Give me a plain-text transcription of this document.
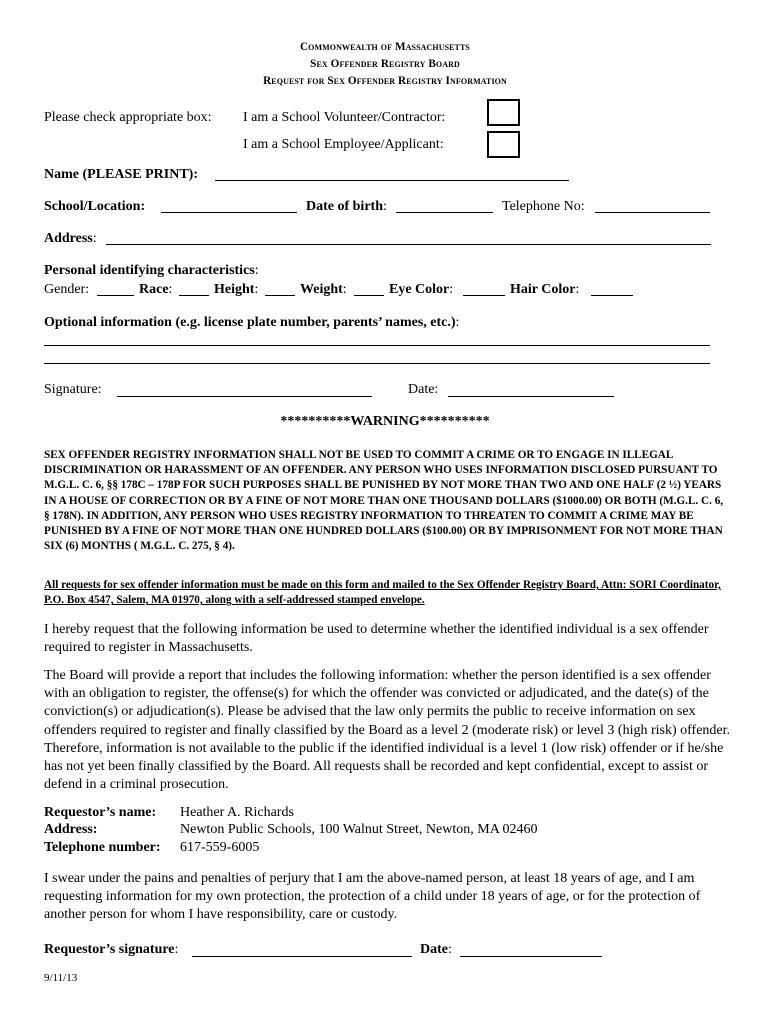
Commonwealth of Massachusetts
Sex Offender Registry Board
Request for Sex Offender Registry Information
Please check appropriate box: I am a School Volunteer/Contractor:
I am a School Employee/Applicant:
Name (PLEASE PRINT):
School/Location:	Date of birth:	Telephone No:
Address:
Personal identifying characteristics:
Gender:	Race:	Height:	Weight:	Eye Color:	Hair Color:
Optional information (e.g. license plate number, parents’ names, etc.):
Signature:	Date:
**********WARNING**********
SEX OFFENDER REGISTRY INFORMATION SHALL NOT BE USED TO COMMIT A CRIME OR TO ENGAGE IN ILLEGAL DISCRIMINATION OR HARASSMENT OF AN OFFENDER. ANY PERSON WHO USES INFORMATION DISCLOSED PURSUANT TO M.G.L. C. 6, §§ 178C – 178P FOR SUCH PURPOSES SHALL BE PUNISHED BY NOT MORE THAN TWO AND ONE HALF (2 ½) YEARS IN A HOUSE OF CORRECTION OR BY A FINE OF NOT MORE THAN ONE THOUSAND DOLLARS ($1000.00) OR BOTH (M.G.L. C. 6, § 178N). IN ADDITION, ANY PERSON WHO USES REGISTRY INFORMATION TO THREATEN TO COMMIT A CRIME MAY BE PUNISHED BY A FINE OF NOT MORE THAN ONE HUNDRED DOLLARS ($100.00) OR BY IMPRISONMENT FOR NOT MORE THAN SIX (6) MONTHS ( M.G.L. C. 275, § 4).
All requests for sex offender information must be made on this form and mailed to the Sex Offender Registry Board, Attn: SORI Coordinator, P.O. Box 4547, Salem, MA 01970, along with a self-addressed stamped envelope.
I hereby request that the following information be used to determine whether the identified individual is a sex offender required to register in Massachusetts.
The Board will provide a report that includes the following information: whether the person identified is a sex offender with an obligation to register, the offense(s) for which the offender was convicted or adjudicated, and the date(s) of the conviction(s) or adjudication(s). Please be advised that the law only permits the public to receive information on sex offenders required to register and finally classified by the Board as a level 2 (moderate risk) or level 3 (high risk) offender. Therefore, information is not available to the public if the identified individual is a level 1 (low risk) offender or if he/she has not yet been finally classified by the Board. All requests shall be recorded and kept confidential, except to assist or defend in a criminal prosecution.
Requestor’s name: Heather A. Richards
Address:	Newton Public Schools, 100 Walnut Street, Newton, MA 02460
Telephone number: 617-559-6005
I swear under the pains and penalties of perjury that I am the above-named person, at least 18 years of age, and I am requesting information for my own protection, the protection of a child under 18 years of age, or for the protection of another person for whom I have responsibility, care or custody.
Requestor’s signature:	Date:
9/11/13
